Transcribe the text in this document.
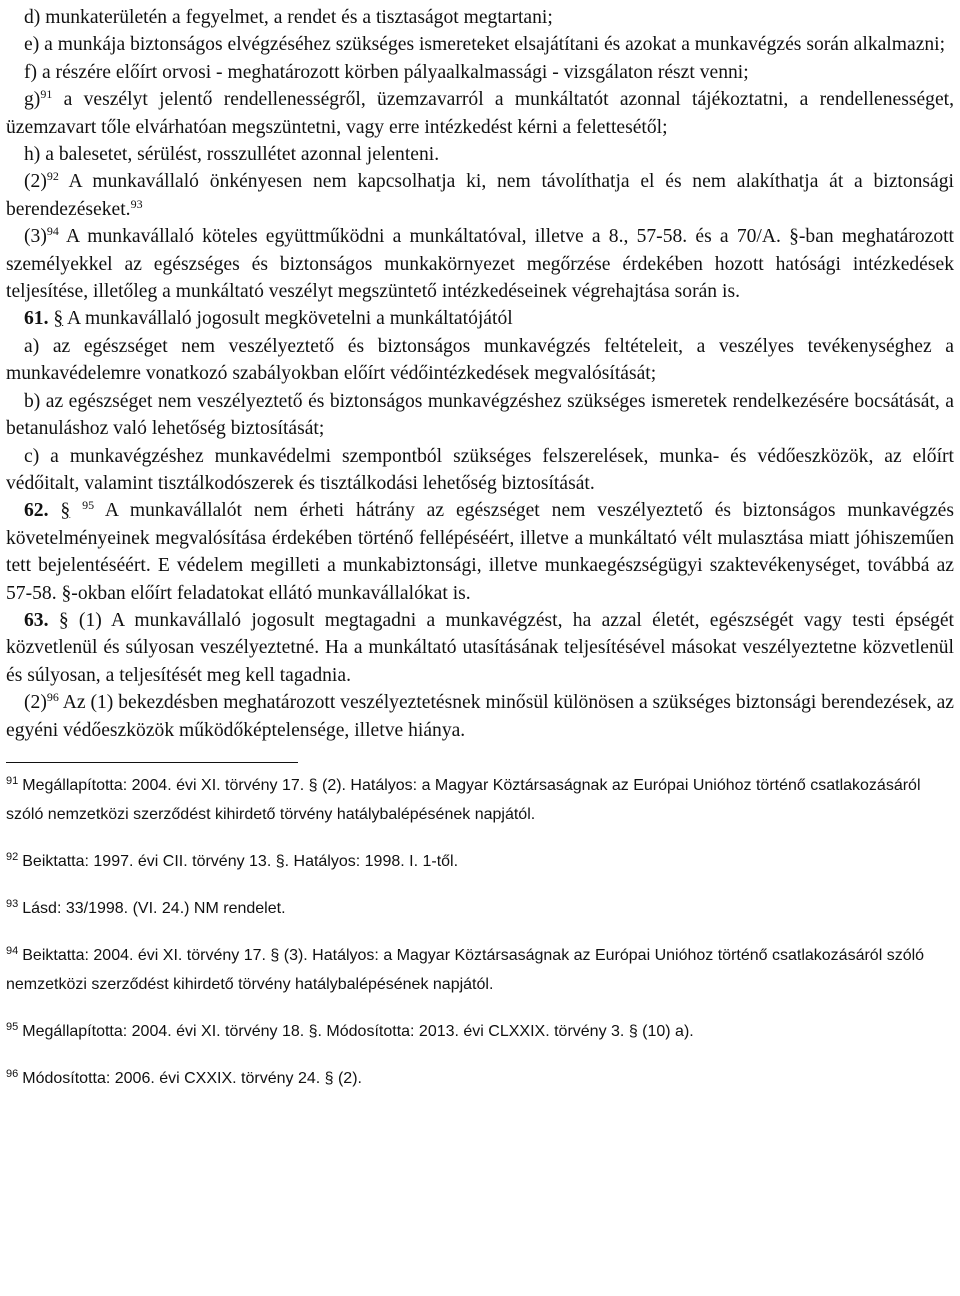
d) munkaterületén a fegyelmet, a rendet és a tisztaságot megtartani;

e) a munkája biztonságos elvégzéséhez szükséges ismereteket elsajátítani és azokat a munkavégzés során alkalmazni;

f) a részére előírt orvosi - meghatározott körben pályaalkalmassági - vizsgálaton részt venni;

g)$^{91}$ a veszélyt jelentő rendellenességről, üzemzavarról a munkáltatót azonnal tájékoztatni, a rendellenességet, üzemzavart tőle elvárhatóan megszüntetni, vagy erre intézkedést kérni a felettesétől;

h) a balesetet, sérülést, rosszullétet azonnal jelenteni.

$(2)^{92}$ A munkavállaló önkényesen nem kapcsolhatja ki, nem távolíthatja el és nem alakíthatja át a biztonsági berendezéseket.$^{93}$

$(3)^{94}$ A munkavállaló köteles együttműködni a munkáltatóval, illetve a 8., 57-58. és a 70/A. §-ban meghatározott személyekkel az egészséges és biztonságos munkakörnyezet megőrzése érdekében hozott hatósági intézkedések teljesítése, illetőleg a munkáltató veszélyt megszüntető intézkedéseinek végrehajtása során is.

61. § A munkavállaló jogosult megkövetelni a munkáltatójától

a) az egészséget nem veszélyeztető és biztonságos munkavégzés feltételeit, a veszélyes tevékenységhez a munkavédelemre vonatkozó szabályokban előírt védőintézkedések megvalósítását;

b) az egészséget nem veszélyeztető és biztonságos munkavégzéshez szükséges ismeretek rendelkezésére bocsátását, a betanuláshoz való lehetőség biztosítását;

c) a munkavégzéshez munkavédelmi szempontból szükséges felszerelések, munka- és védőeszközök, az előírt védőitalt, valamint tisztálkodószerek és tisztálkodási lehetőség biztosítását.

62. § $^{95}$ A munkavállalót nem érheti hátrány az egészséget nem veszélyeztető és biztonságos munkavégzés követelményeinek megvalósítása érdekében történő fellépéséért, illetve a munkáltató vélt mulasztása miatt jóhiszeműen tett bejelentéséért. E védelem megilleti a munkabiztonsági, illetve munkaegészségügyi szaktevékenységet, továbbá az 57-58. §-okban előírt feladatokat ellátó munkavállalókat is.

63. § (1) A munkavállaló jogosult megtagadni a munkavégzést, ha azzal életét, egészségét vagy testi épségét közvetlenül és súlyosan veszélyeztetné. Ha a munkáltató utasításának teljesítésével másokat veszélyeztetne közvetlenül és súlyosan, a teljesítését meg kell tagadnia.

$(2)^{96}$ Az (1) bekezdésben meghatározott veszélyeztetésnek minősül különösen a szükséges biztonsági berendezések, az egyéni védőeszközök működőképtelensége, illetve hiánya.

$^{91}$ Megállapította: 2004. évi XI. törvény 17. § (2). Hatályos: a Magyar Köztársaságnak az Európai Unióhoz történő csatlakozásáról szóló nemzetközi szerződést kihirdető törvény hatálybalépésének napjától.
$^{92}$ Beiktatta: 1997. évi CII. törvény 13. §. Hatályos: 1998. I. 1-től.
$^{93}$ Lásd: 33/1998. (VI. 24.) NM rendelet.
$^{94}$ Beiktatta: 2004. évi XI. törvény 17. § (3). Hatályos: a Magyar Köztársaságnak az Európai Unióhoz történő csatlakozásáról szóló nemzetközi szerződést kihirdető törvény hatálybalépésének napjától.
$^{95}$ Megállapította: 2004. évi XI. törvény 18. §. Módosította: 2013. évi CLXXIX. törvény 3. § (10) a).
$^{96}$ Módosította: 2006. évi CXXIX. törvény 24. § (2).
